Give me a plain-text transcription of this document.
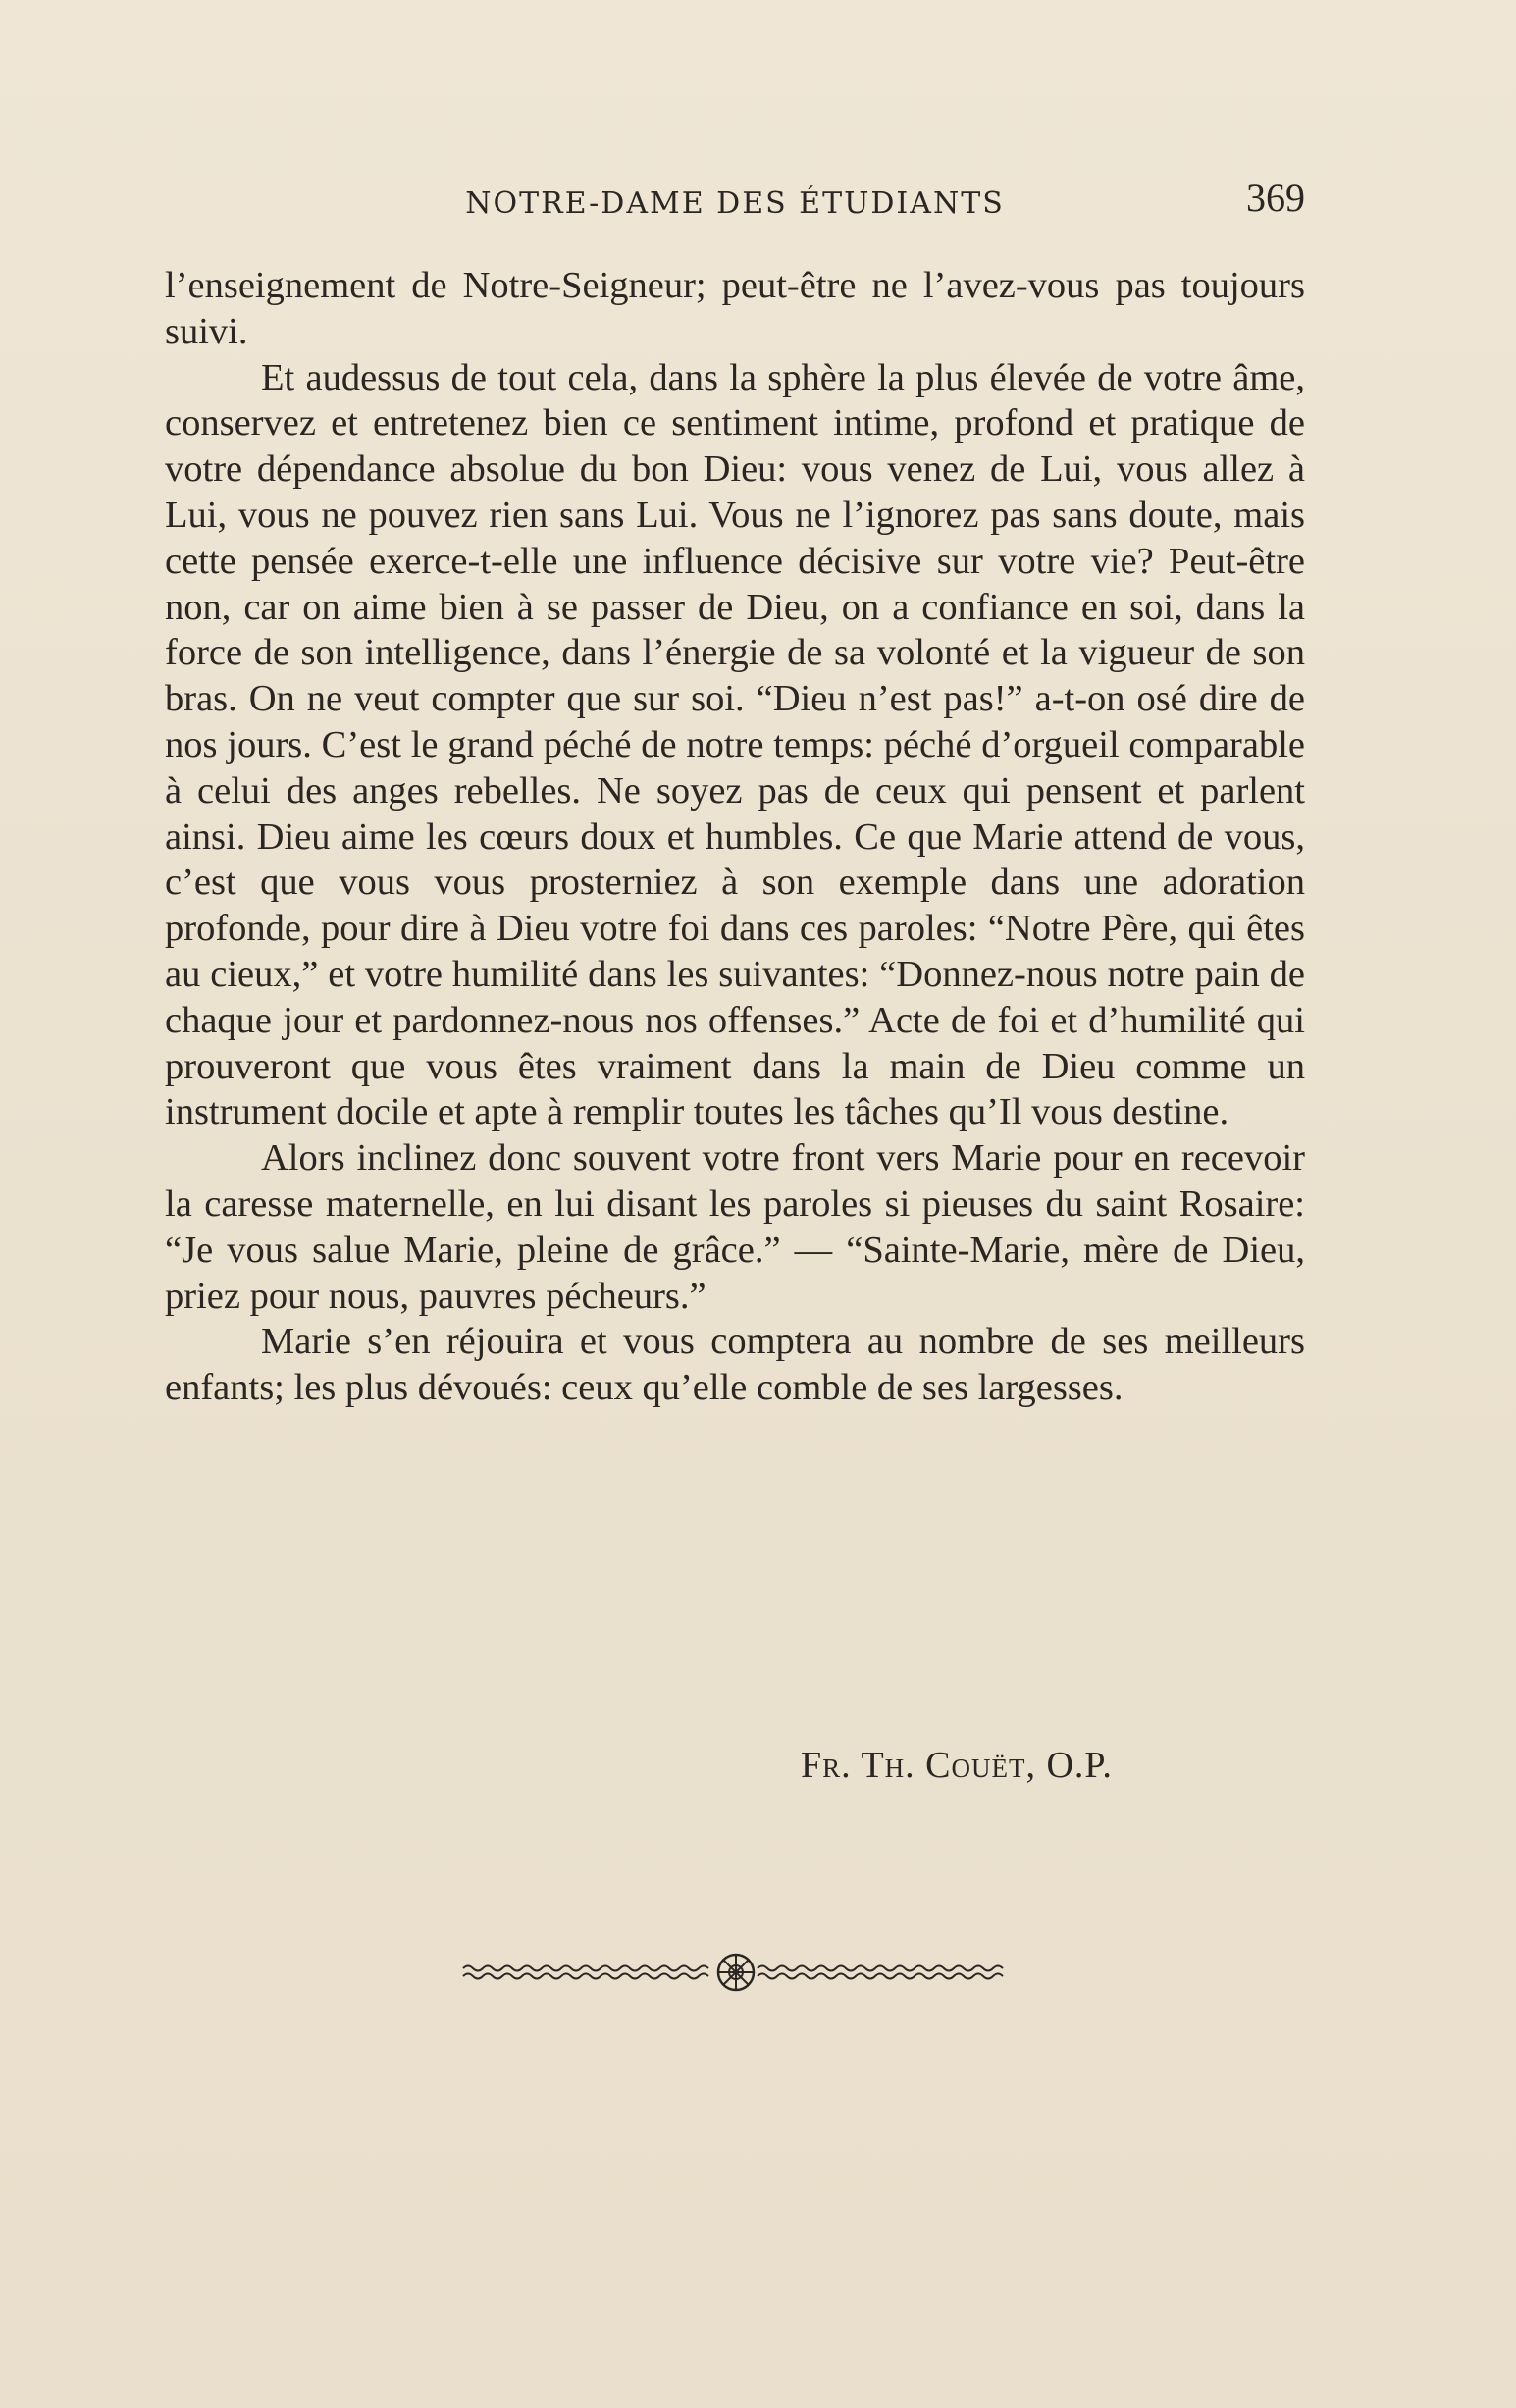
NOTRE-DAME DES ÉTUDIANTS	369

l’enseignement de Notre-Seigneur; peut-être ne l’avez-vous pas toujours suivi.

Et audessus de tout cela, dans la sphère la plus élevée de votre âme, conservez et entretenez bien ce sentiment intime, profond et pratique de votre dépendance absolue du bon Dieu: vous venez de Lui, vous allez à Lui, vous ne pouvez rien sans Lui. Vous ne l’ignorez pas sans doute, mais cette pensée exerce-t-elle une influence décisive sur votre vie? Peut-être non, car on aime bien à se passer de Dieu, on a confiance en soi, dans la force de son intelligence, dans l’énergie de sa volonté et la vigueur de son bras. On ne veut compter que sur soi. “Dieu n’est pas!” a-t-on osé dire de nos jours. C’est le grand péché de notre temps: péché d’orgueil comparable à celui des anges rebelles. Ne soyez pas de ceux qui pensent et parlent ainsi. Dieu aime les cœurs doux et humbles. Ce que Marie attend de vous, c’est que vous vous prosterniez à son exemple dans une adoration profonde, pour dire à Dieu votre foi dans ces paroles: “Notre Père, qui êtes au cieux,” et votre humilité dans les suivantes: “Donnez-nous notre pain de chaque jour et pardonnez-nous nos offenses.” Acte de foi et d’humilité qui prouveront que vous êtes vraiment dans la main de Dieu comme un instrument docile et apte à remplir toutes les tâches qu’Il vous destine.

Alors inclinez donc souvent votre front vers Marie pour en recevoir la caresse maternelle, en lui disant les paroles si pieuses du saint Rosaire: “Je vous salue Marie, pleine de grâce.” — “Sainte-Marie, mère de Dieu, priez pour nous, pauvres pécheurs.”

Marie s’en réjouira et vous comptera au nombre de ses meilleurs enfants; les plus dévoués: ceux qu’elle comble de ses largesses.

Fr. Th. Couët, O.P.
